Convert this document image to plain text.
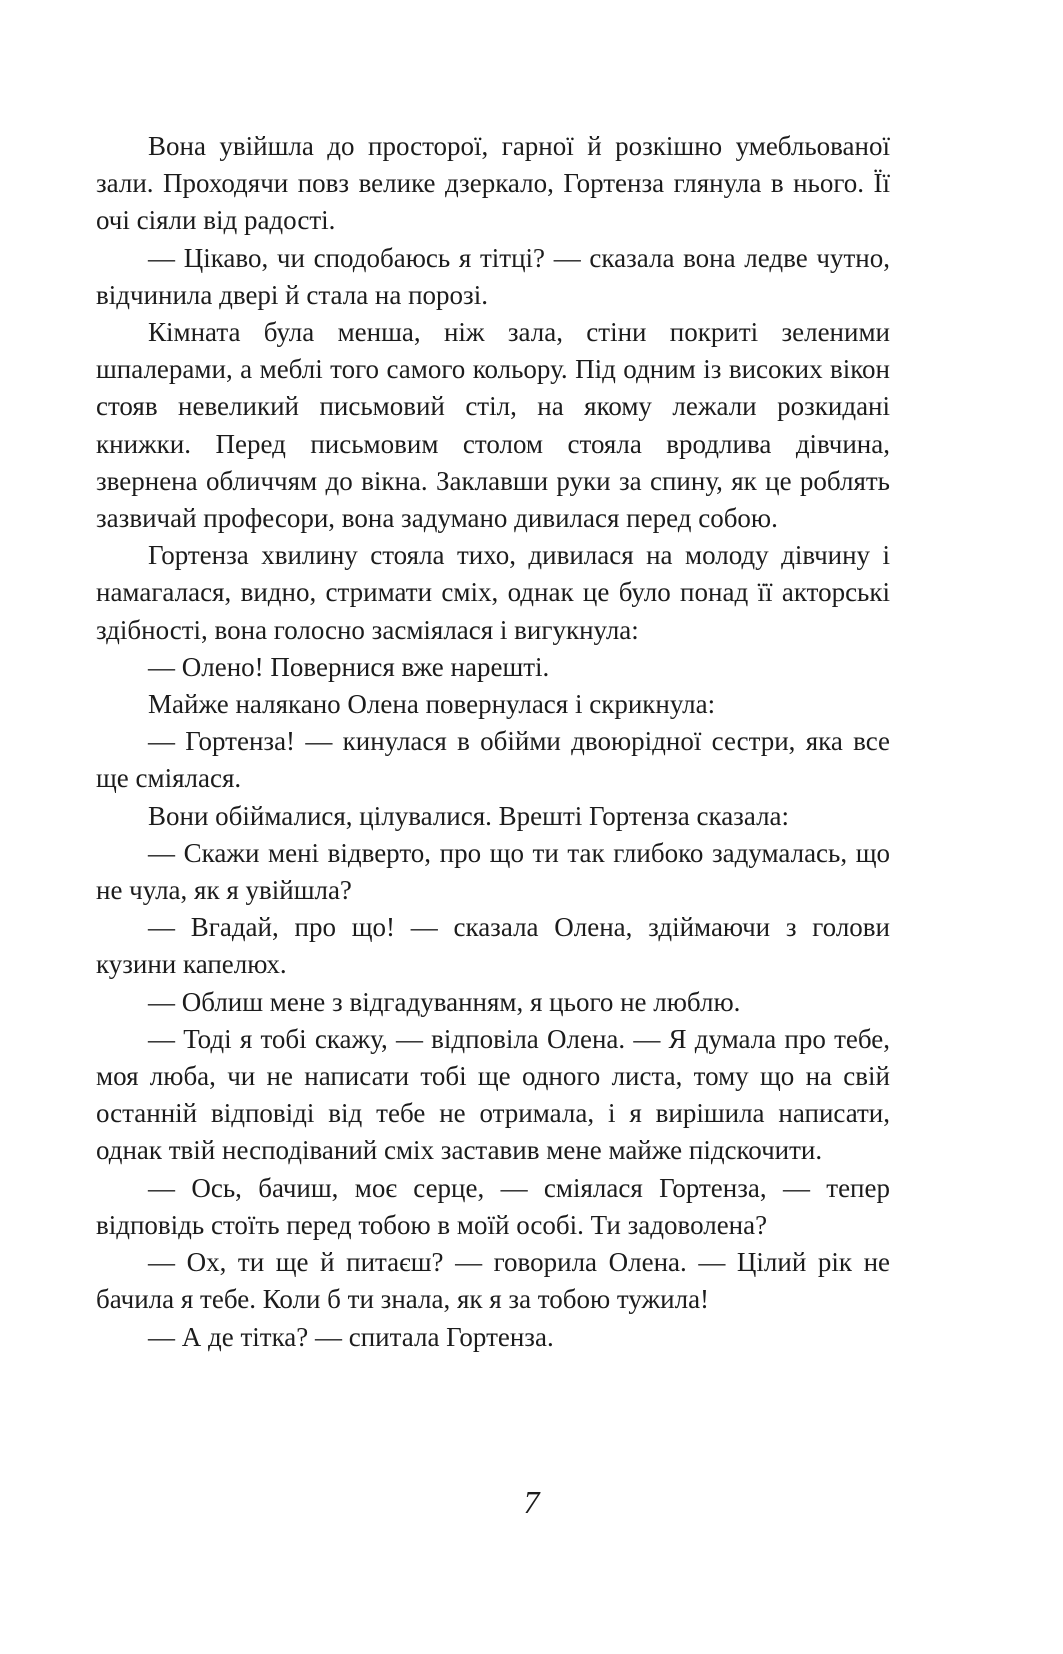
Вона увійшла до просторої, гарної й розкішно умебльованої зали. Проходячи повз велике дзеркало, Гортенза глянула в нього. Її очі сіяли від радості.

— Цікаво, чи сподобаюсь я тітці? — сказала вона ледве чутно, відчинила двері й стала на порозі.

Кімната була менша, ніж зала, стіни покриті зеленими шпалерами, а меблі того самого кольору. Під одним із високих вікон стояв невеликий письмовий стіл, на якому лежали розкидані книжки. Перед письмовим столом стояла вродлива дівчина, звернена обличчям до вікна. Заклавши руки за спину, як це роблять зазвичай професори, вона задумано дивилася перед собою.

Гортенза хвилину стояла тихо, дивилася на молоду дівчину і намагалася, видно, стримати сміх, однак це було понад її акторські здібності, вона голосно засміялася і вигукнула:

— Олено! Повернися вже нарешті.

Майже налякано Олена повернулася і скрикнула:

— Гортенза! — кинулася в обійми двоюрідної сестри, яка все ще сміялася.

Вони обіймалися, цілувалися. Врешті Гортенза сказала:

— Скажи мені відверто, про що ти так глибоко задумалась, що не чула, як я увійшла?

— Вгадай, про що! — сказала Олена, здіймаючи з голови кузини капелюх.

— Облиш мене з відгадуванням, я цього не люблю.

— Тоді я тобі скажу, — відповіла Олена. — Я думала про тебе, моя люба, чи не написати тобі ще одного листа, тому що на свій останній відповіді від тебе не отримала, і я вирішила написати, однак твій несподіваний сміх заставив мене майже підскочити.

— Ось, бачиш, моє серце, — сміялася Гортенза, — тепер відповідь стоїть перед тобою в моїй особі. Ти задоволена?

— Ох, ти ще й питаєш? — говорила Олена. — Цілий рік не бачила я тебе. Коли б ти знала, як я за тобою тужила!

— А де тітка? — спитала Гортенза.

7
